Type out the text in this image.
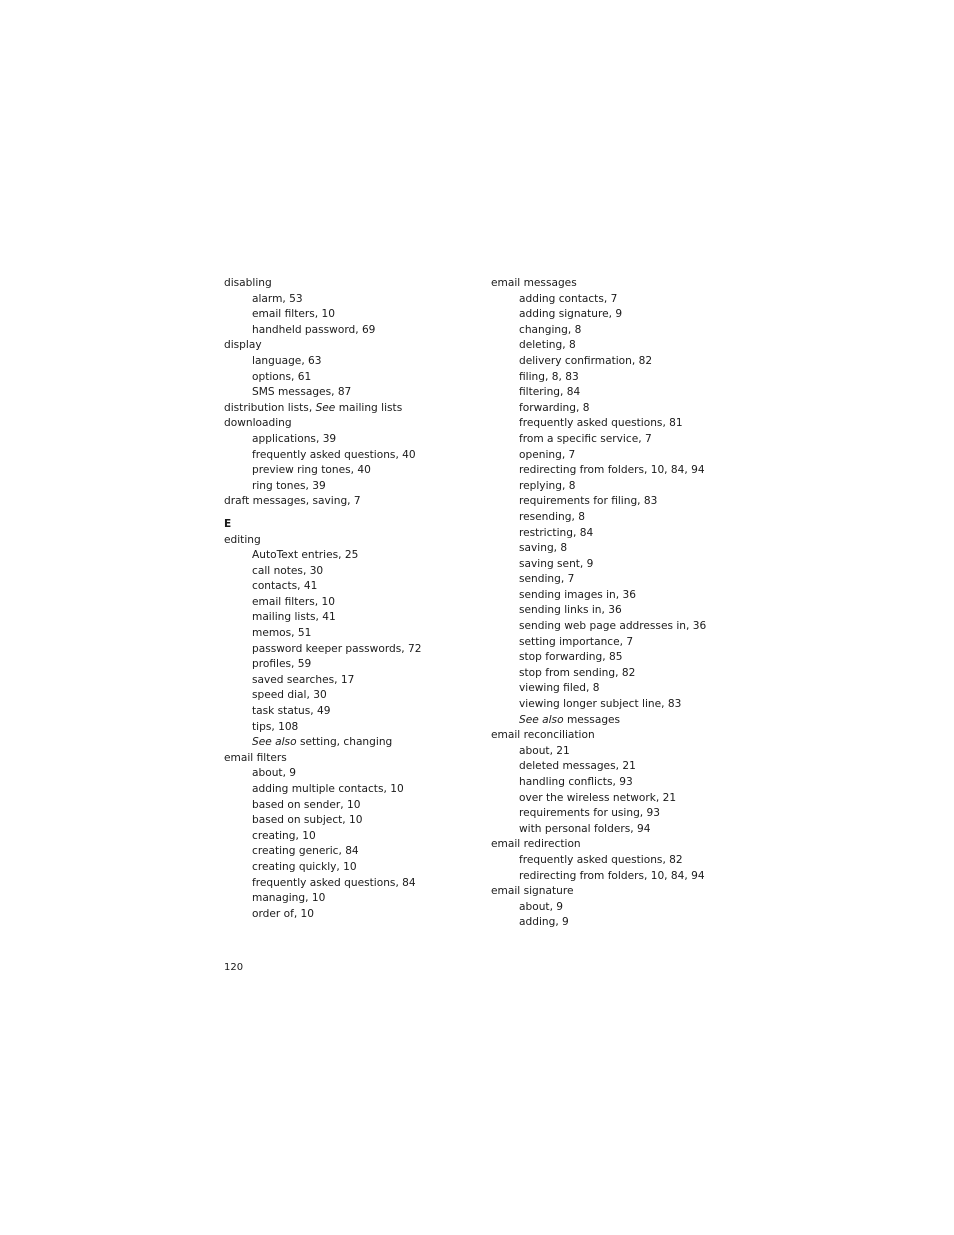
disabling
alarm, 53
email filters, 10
handheld password, 69
display
language, 63
options, 61
SMS messages, 87
distribution lists, See mailing lists
downloading
applications, 39
frequently asked questions, 40
preview ring tones, 40
ring tones, 39
draft messages, saving, 7
E
editing
AutoText entries, 25
call notes, 30
contacts, 41
email filters, 10
mailing lists, 41
memos, 51
password keeper passwords, 72
profiles, 59
saved searches, 17
speed dial, 30
task status, 49
tips, 108
See also setting, changing
email filters
about, 9
adding multiple contacts, 10
based on sender, 10
based on subject, 10
creating, 10
creating generic, 84
creating quickly, 10
frequently asked questions, 84
managing, 10
order of, 10
email messages
adding contacts, 7
adding signature, 9
changing, 8
deleting, 8
delivery confirmation, 82
filing, 8, 83
filtering, 84
forwarding, 8
frequently asked questions, 81
from a specific service, 7
opening, 7
redirecting from folders, 10, 84, 94
replying, 8
requirements for filing, 83
resending, 8
restricting, 84
saving, 8
saving sent, 9
sending, 7
sending images in, 36
sending links in, 36
sending web page addresses in, 36
setting importance, 7
stop forwarding, 85
stop from sending, 82
viewing filed, 8
viewing longer subject line, 83
See also messages
email reconciliation
about, 21
deleted messages, 21
handling conflicts, 93
over the wireless network, 21
requirements for using, 93
with personal folders, 94
email redirection
frequently asked questions, 82
redirecting from folders, 10, 84, 94
email signature
about, 9
adding, 9
120
